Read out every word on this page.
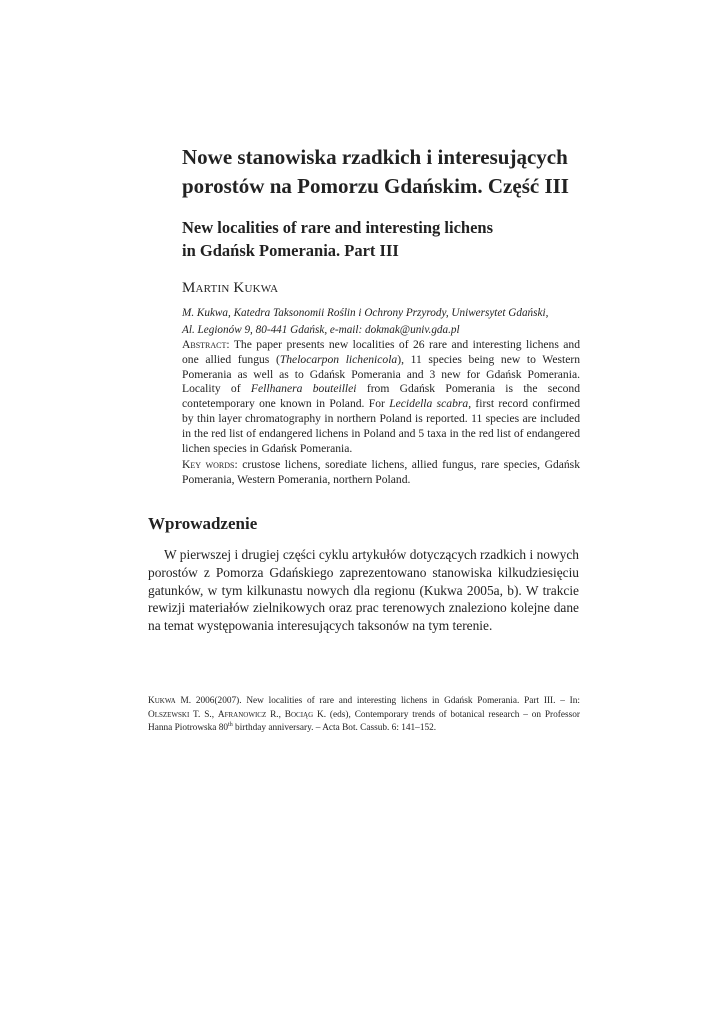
Nowe stanowiska rzadkich i interesujących
porostów na Pomorzu Gdańskim. Część III
New localities of rare and interesting lichens
in Gdańsk Pomerania. Part III
Martin Kukwa
M. Kukwa, Katedra Taksonomii Roślin i Ochrony Przyrody, Uniwersytet Gdański,
Al. Legionów 9, 80-441 Gdańsk, e-mail: dokmak@univ.gda.pl
Abstract: The paper presents new localities of 26 rare and interesting lichens and one allied fungus (Thelocarpon lichenicola), 11 species being new to Western Pomerania as well as to Gdańsk Pomerania and 3 new for Gdańsk Pomerania. Locality of Fellhanera bouteillei from Gdańsk Pomerania is the second contetemporary one known in Poland. For Lecidella scabra, first record confirmed by thin layer chromatography in northern Poland is reported. 11 species are included in the red list of endangered lichens in Poland and 5 taxa in the red list of endangered lichen species in Gdańsk Pomerania.
Key words: crustose lichens, sorediate lichens, allied fungus, rare species, Gdańsk Pomerania, Western Pomerania, northern Poland.
Wprowadzenie

W pierwszej i drugiej części cyklu artykułów dotyczących rzadkich i nowych porostów z Pomorza Gdańskiego zaprezentowano stanowiska kilkudziesięciu gatunków, w tym kilkunastu nowych dla regionu (Kukwa 2005a, b). W trakcie rewizji materiałów zielnikowych oraz prac terenowych znaleziono kolejne dane na temat występowania interesujących taksonów na tym terenie.

Kukwa M. 2006(2007). New localities of rare and interesting lichens in Gdańsk Pomerania. Part III. – In: Olszewski T. S., Afranowicz R., Bociąg K. (eds), Contemporary trends of botanical research – on Professor Hanna Piotrowska 80th birthday anniversary. – Acta Bot. Cassub. 6: 141–152.
